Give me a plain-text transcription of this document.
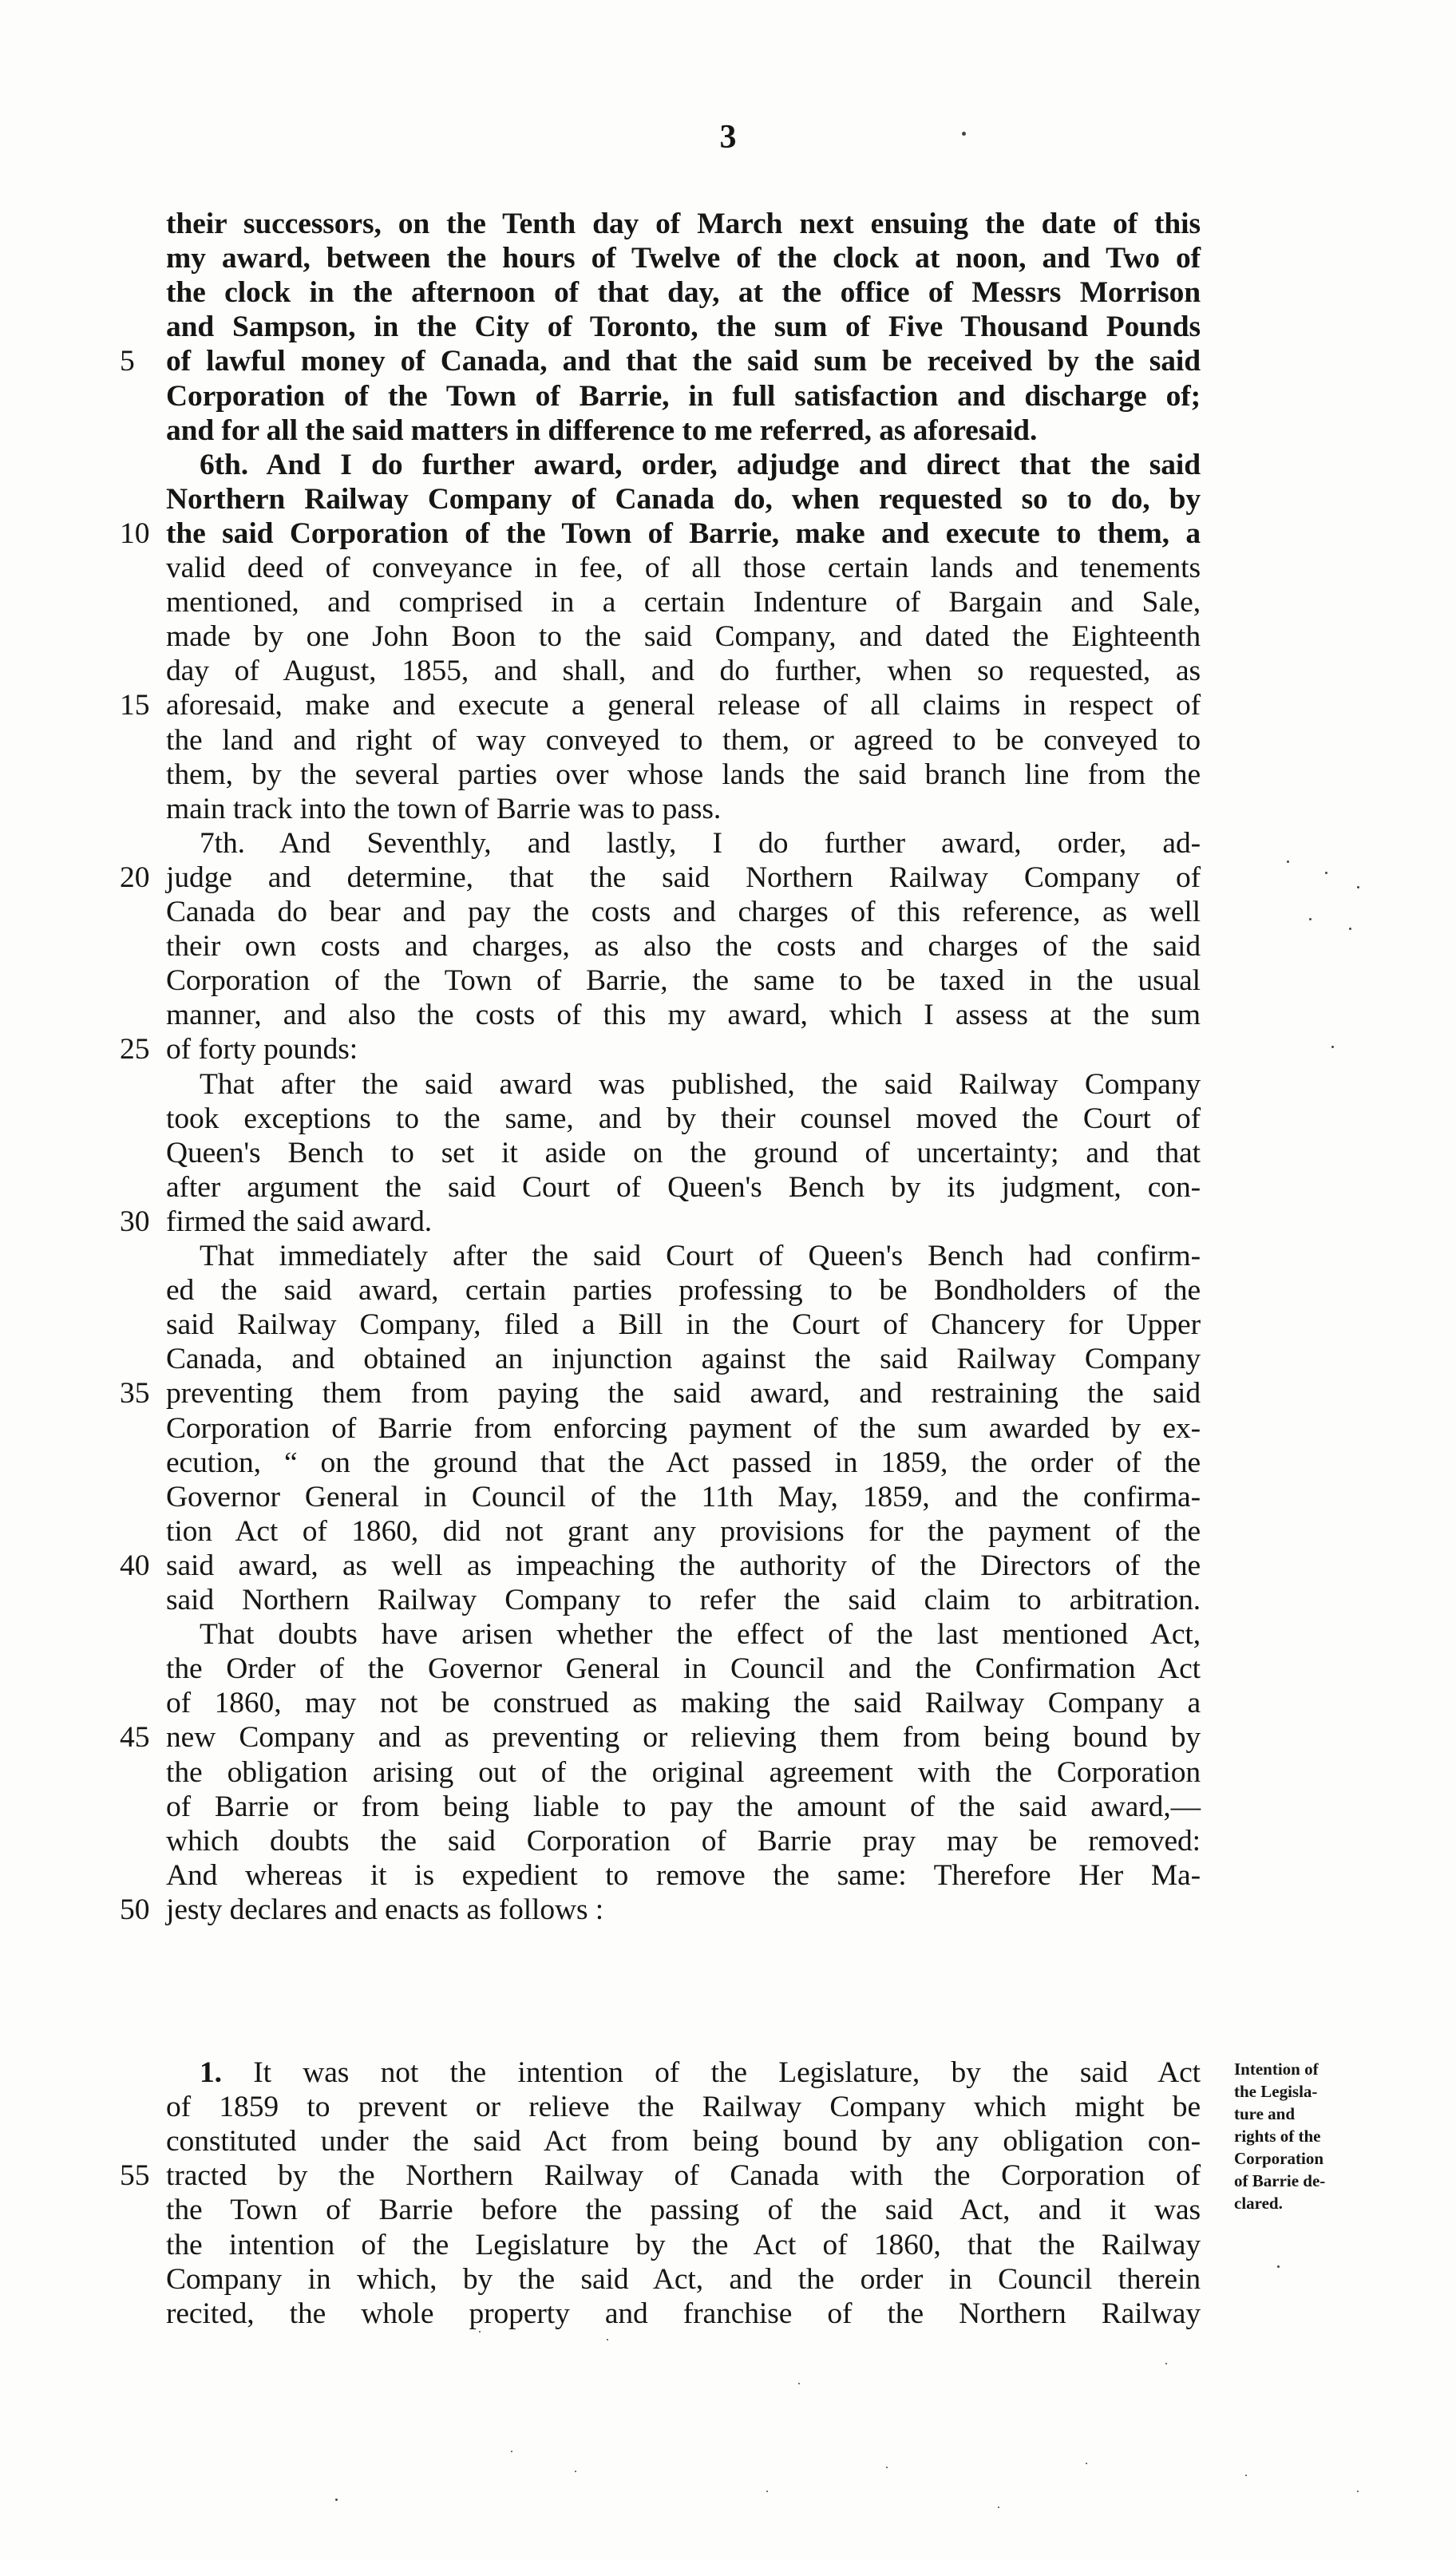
3
their successors, on the Tenth day of March next ensuing the date of this
my award, between the hours of Twelve of the clock at noon, and Two of
the clock in the afternoon of that day, at the office of Messrs Morrison
and Sampson, in the City of Toronto, the sum of Five Thousand Pounds
of lawful money of Canada, and that the said sum be received by the said
5
Corporation of the Town of Barrie, in full satisfaction and discharge of;
and for all the said matters in difference to me referred, as aforesaid.
6th. And I do further award, order, adjudge and direct that the said
Northern Railway Company of Canada do, when requested so to do, by
the said Corporation of the Town of Barrie, make and execute to them, a
10
valid deed of conveyance in fee, of all those certain lands and tenements
mentioned, and comprised in a certain Indenture of Bargain and Sale,
made by one John Boon to the said Company, and dated the Eighteenth
day of August, 1855, and shall, and do further, when so requested, as
aforesaid, make and execute a general release of all claims in respect of
15
the land and right of way conveyed to them, or agreed to be conveyed to
them, by the several parties over whose lands the said branch line from the
main track into the town of Barrie was to pass.
7th. And Seventhly, and lastly, I do further award, order, ad-
judge and determine, that the said Northern Railway Company of
20
Canada do bear and pay the costs and charges of this reference, as well
their own costs and charges, as also the costs and charges of the said
Corporation of the Town of Barrie, the same to be taxed in the usual
manner, and also the costs of this my award, which I assess at the sum
of forty pounds:
25
That after the said award was published, the said Railway Company
took exceptions to the same, and by their counsel moved the Court of
Queen's Bench to set it aside on the ground of uncertainty; and that
after argument the said Court of Queen's Bench by its judgment, con-
firmed the said award.
30
That immediately after the said Court of Queen's Bench had confirm-
ed the said award, certain parties professing to be Bondholders of the
said Railway Company, filed a Bill in the Court of Chancery for Upper
Canada, and obtained an injunction against the said Railway Company
preventing them from paying the said award, and restraining the said
35
Corporation of Barrie from enforcing payment of the sum awarded by ex-
ecution, “ on the ground that the Act passed in 1859, the order of the
Governor General in Council of the 11th May, 1859, and the confirma-
tion Act of 1860, did not grant any provisions for the payment of the
said award, as well as impeaching the authority of the Directors of the
40
said Northern Railway Company to refer the said claim to arbitration.
That doubts have arisen whether the effect of the last mentioned Act,
the Order of the Governor General in Council and the Confirmation Act
of 1860, may not be construed as making the said Railway Company a
new Company and as preventing or relieving them from being bound by
45
the obligation arising out of the original agreement with the Corporation
of Barrie or from being liable to pay the amount of the said award,—
which doubts the said Corporation of Barrie pray may be removed:
And whereas it is expedient to remove the same: Therefore Her Ma-
jesty declares and enacts as follows :
50
1. It was not the intention of the Legislature, by the said Act
of 1859 to prevent or relieve the Railway Company which might be
constituted under the said Act from being bound by any obligation con-
tracted by the Northern Railway of Canada with the Corporation of
55
the Town of Barrie before the passing of the said Act, and it was
the intention of the Legislature by the Act of 1860, that the Railway
Company in which, by the said Act, and the order in Council therein
recited, the whole property and franchise of the Northern Railway
Intention of
the Legisla-
ture and
rights of the
Corporation
of Barrie de-
clared.
